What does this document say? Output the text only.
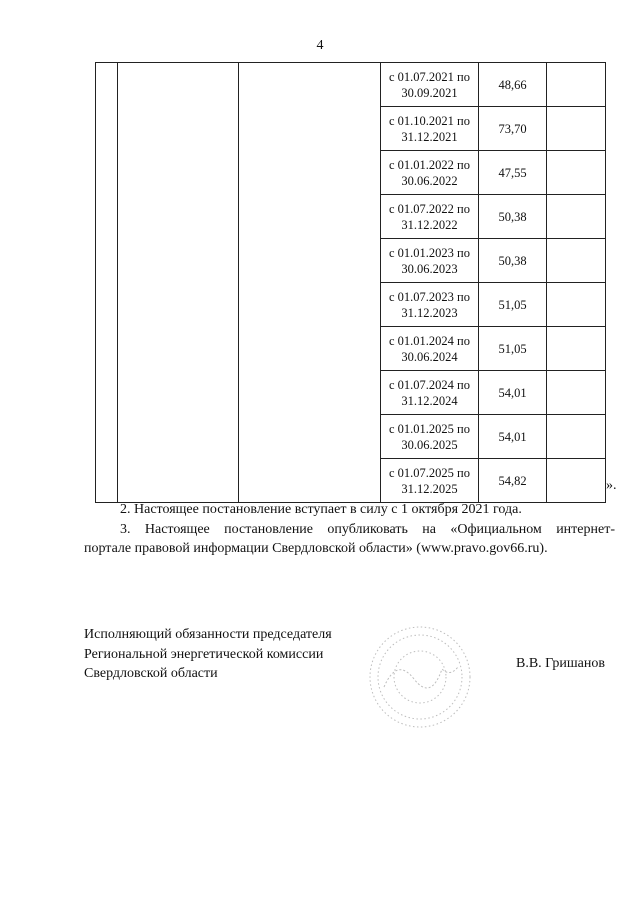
4
			с 01.07.2021 по 30.09.2021	48,66	
			с 01.10.2021 по 31.12.2021	73,70	
			с 01.01.2022 по 30.06.2022	47,55	
			с 01.07.2022 по 31.12.2022	50,38	
			с 01.01.2023 по 30.06.2023	50,38	
			с 01.07.2023 по 31.12.2023	51,05	
			с 01.01.2024 по 30.06.2024	51,05	
			с 01.07.2024 по 31.12.2024	54,01	
			с 01.01.2025 по 30.06.2025	54,01	
			с 01.07.2025 по 31.12.2025	54,82		».
2. Настоящее постановление вступает в силу с 1 октября 2021 года.
3. Настоящее постановление опубликовать на «Официальном интернет-
портале правовой информации Свердловской области» (www.pravo.gov66.ru).
Исполняющий обязанности председателя
Региональной энергетической комиссии
Свердловской области
В.В. Гришанов
